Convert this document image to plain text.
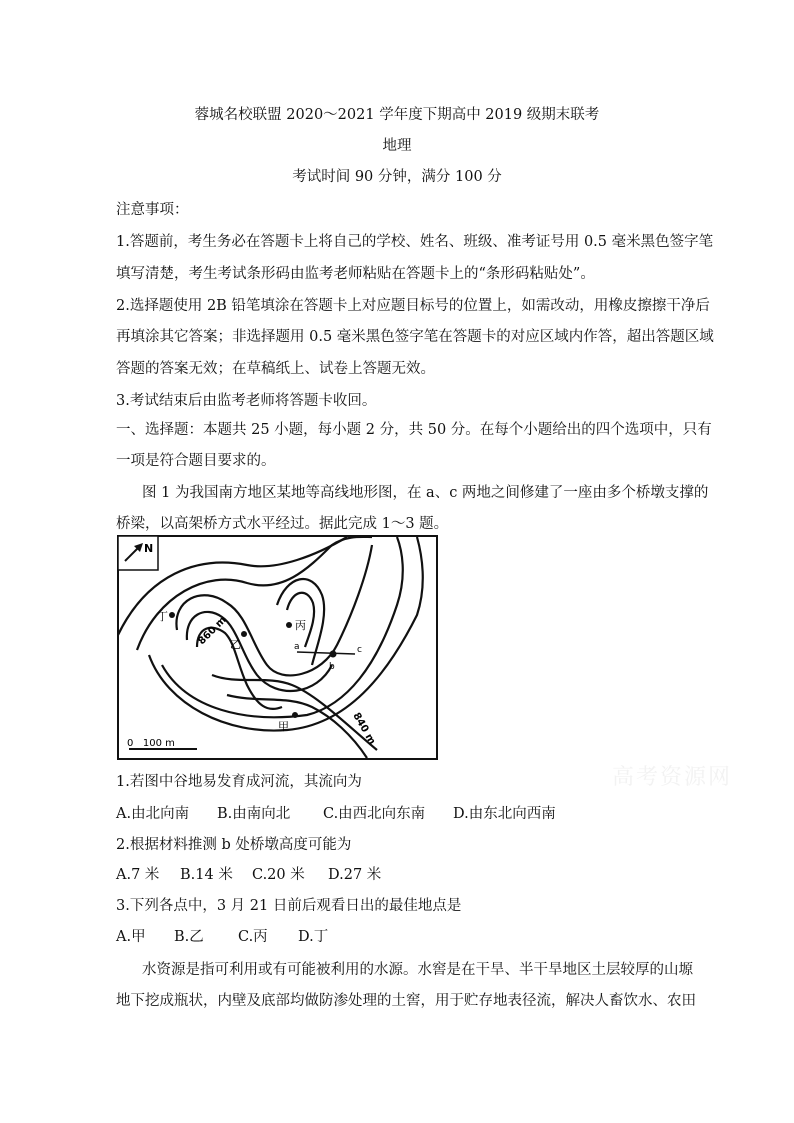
蓉城名校联盟 2020～2021 学年度下期高中 2019 级期末联考
地理
考试时间 90 分钟，满分 100 分
注意事项：
1.答题前，考生务必在答题卡上将自己的学校、姓名、班级、准考证号用 0.5 毫米黑色签字笔
填写清楚，考生考试条形码由监考老师粘贴在答题卡上的“条形码粘贴处”。
2.选择题使用 2B 铅笔填涂在答题卡上对应题目标号的位置上，如需改动，用橡皮擦擦干净后
再填涂其它答案；非选择题用 0.5 毫米黑色签字笔在答题卡的对应区域内作答，超出答题区域
答题的答案无效；在草稿纸上、试卷上答题无效。
3.考试结束后由监考老师将答题卡收回。
一、选择题：本题共 25 小题，每小题 2 分，共 50 分。在每个小题给出的四个选项中，只有
一项是符合题目要求的。
图 1 为我国南方地区某地等高线地形图，在 a、c 两地之间修建了一座由多个桥墩支撑的
桥梁，以高架桥方式水平经过。据此完成 1～3 题。
N
丁
乙
丙
a
b
c
甲
860 m
840 m
0   100 m
1.若图中谷地易发育成河流，其流向为
A.由北向南 B.由南向北 C.由西北向东南 D.由东北向西南
2.根据材料推测 b 处桥墩高度可能为
A.7 米 B.14 米 C.20 米 D.27 米
3.下列各点中，3 月 21 日前后观看日出的最佳地点是
A.甲 B.乙 C.丙 D.丁
水资源是指可利用或有可能被利用的水源。水窖是在干旱、半干旱地区土层较厚的山塬
地下挖成瓶状，内壁及底部均做防渗处理的土窖，用于贮存地表径流，解决人畜饮水、农田
高考资源网
